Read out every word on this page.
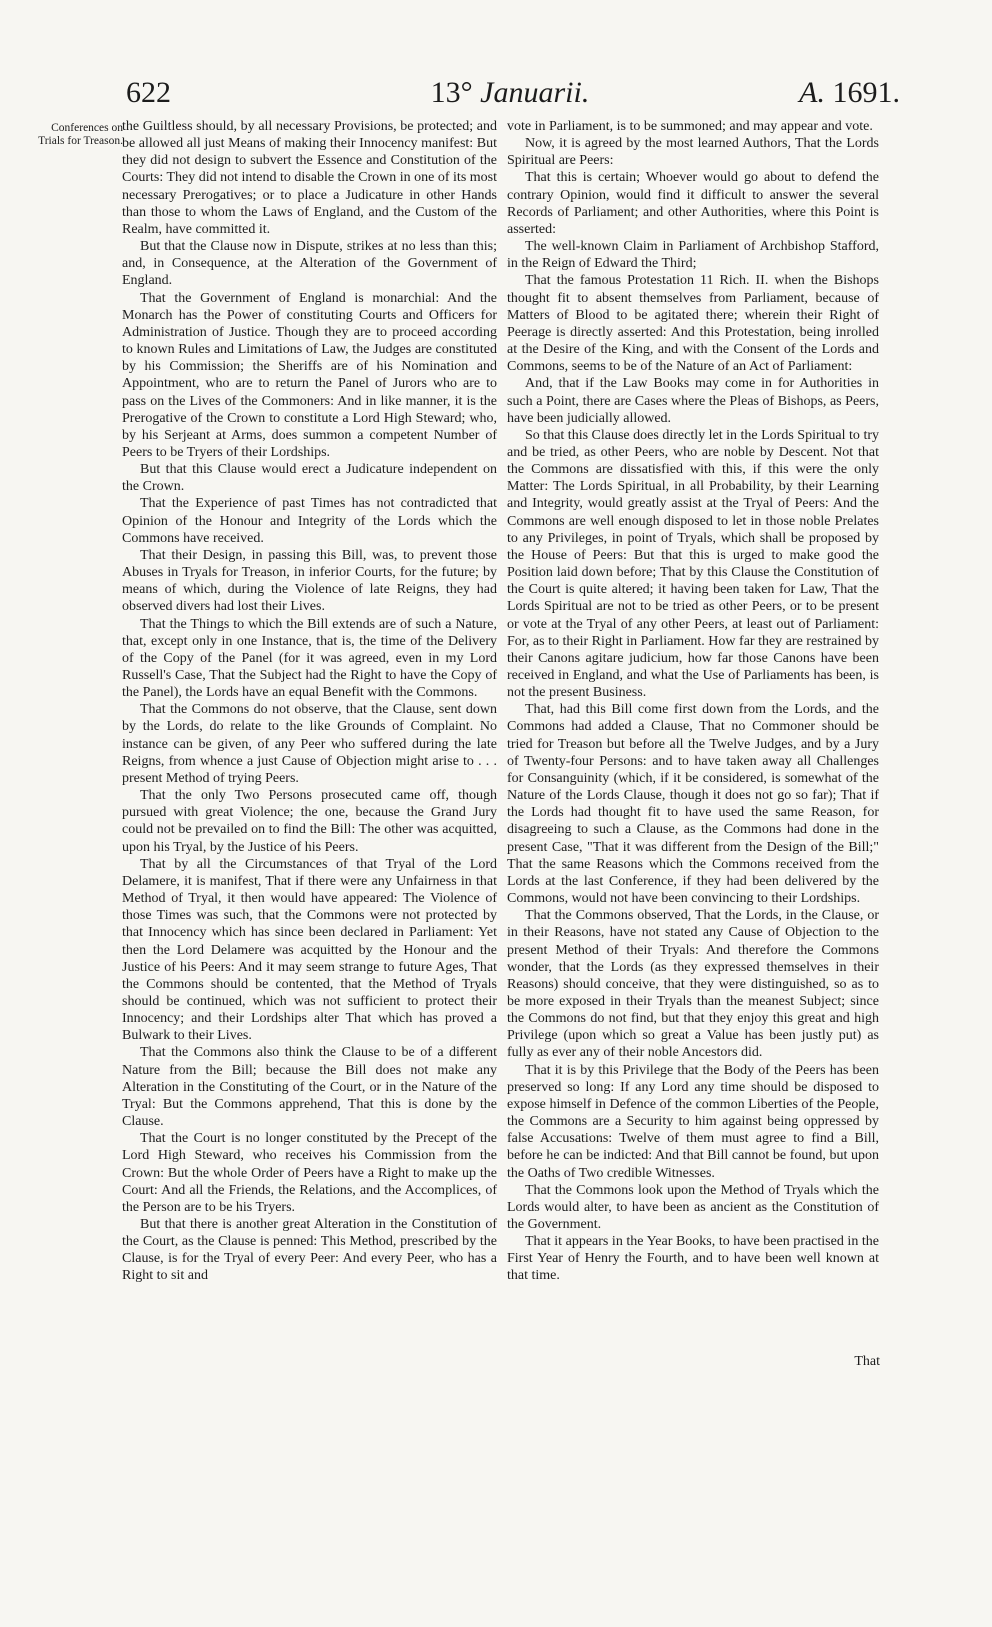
622	13° Januarii.	A. 1691.
Conferences on Trials for Treason.

the Guiltless should, by all necessary Provisions, be protected; and be allowed all just Means of making their Innocency manifest: But they did not design to subvert the Essence and Constitution of the Courts: They did not intend to disable the Crown in one of its most necessary Prerogatives; or to place a Judicature in other Hands than those to whom the Laws of England, and the Custom of the Realm, have committed it.

But that the Clause now in Dispute, strikes at no less than this; and, in Consequence, at the Alteration of the Government of England.

That the Government of England is monarchial: And the Monarch has the Power of constituting Courts and Officers for Administration of Justice. Though they are to proceed according to known Rules and Limitations of Law, the Judges are constituted by his Commission; the Sheriffs are of his Nomination and Appointment, who are to return the Panel of Jurors who are to pass on the Lives of the Commoners: And in like manner, it is the Prerogative of the Crown to constitute a Lord High Steward; who, by his Serjeant at Arms, does summon a competent Number of Peers to be Tryers of their Lordships.

But that this Clause would erect a Judicature independent on the Crown.

That the Experience of past Times has not contradicted that Opinion of the Honour and Integrity of the Lords which the Commons have received.

That their Design, in passing this Bill, was, to prevent those Abuses in Tryals for Treason, in inferior Courts, for the future; by means of which, during the Violence of late Reigns, they had observed divers had lost their Lives.

That the Things to which the Bill extends are of such a Nature, that, except only in one Instance, that is, the time of the Delivery of the Copy of the Panel (for it was agreed, even in my Lord Russell's Case, That the Subject had the Right to have the Copy of the Panel), the Lords have an equal Benefit with the Commons.

That the Commons do not observe, that the Clause, sent down by the Lords, do relate to the like Grounds of Complaint. No instance can be given, of any Peer who suffered during the late Reigns, from whence a just Cause of Objection might arise to . . . present Method of trying Peers.

That the only Two Persons prosecuted came off, though pursued with great Violence; the one, because the Grand Jury could not be prevailed on to find the Bill: The other was acquitted, upon his Tryal, by the Justice of his Peers.

That by all the Circumstances of that Tryal of the Lord Delamere, it is manifest, That if there were any Unfairness in that Method of Tryal, it then would have appeared: The Violence of those Times was such, that the Commons were not protected by that Innocency which has since been declared in Parliament: Yet then the Lord Delamere was acquitted by the Honour and the Justice of his Peers: And it may seem strange to future Ages, That the Commons should be contented, that the Method of Tryals should be continued, which was not sufficient to protect their Innocency; and their Lordships alter That which has proved a Bulwark to their Lives.

That the Commons also think the Clause to be of a different Nature from the Bill; because the Bill does not make any Alteration in the Constituting of the Court, or in the Nature of the Tryal: But the Commons apprehend, That this is done by the Clause.

That the Court is no longer constituted by the Precept of the Lord High Steward, who receives his Commission from the Crown: But the whole Order of Peers have a Right to make up the Court: And all the Friends, the Relations, and the Accomplices, of the Person are to be his Tryers.

But that there is another great Alteration in the Constitution of the Court, as the Clause is penned: This Method, prescribed by the Clause, is for the Tryal of every Peer: And every Peer, who has a Right to sit and

vote in Parliament, is to be summoned; and may appear and vote.

Now, it is agreed by the most learned Authors, That the Lords Spiritual are Peers:

That this is certain; Whoever would go about to defend the contrary Opinion, would find it difficult to answer the several Records of Parliament; and other Authorities, where this Point is asserted:

The well-known Claim in Parliament of Archbishop Stafford, in the Reign of Edward the Third;

That the famous Protestation 11 Rich. II. when the Bishops thought fit to absent themselves from Parliament, because of Matters of Blood to be agitated there; wherein their Right of Peerage is directly asserted: And this Protestation, being inrolled at the Desire of the King, and with the Consent of the Lords and Commons, seems to be of the Nature of an Act of Parliament:

And, that if the Law Books may come in for Authorities in such a Point, there are Cases where the Pleas of Bishops, as Peers, have been judicially allowed.

So that this Clause does directly let in the Lords Spiritual to try and be tried, as other Peers, who are noble by Descent. Not that the Commons are dissatisfied with this, if this were the only Matter: The Lords Spiritual, in all Probability, by their Learning and Integrity, would greatly assist at the Tryal of Peers: And the Commons are well enough disposed to let in those noble Prelates to any Privileges, in point of Tryals, which shall be proposed by the House of Peers: But that this is urged to make good the Position laid down before; That by this Clause the Constitution of the Court is quite altered; it having been taken for Law, That the Lords Spiritual are not to be tried as other Peers, or to be present or vote at the Tryal of any other Peers, at least out of Parliament: For, as to their Right in Parliament. How far they are restrained by their Canons agitare judicium, how far those Canons have been received in England, and what the Use of Parliaments has been, is not the present Business.

That, had this Bill come first down from the Lords, and the Commons had added a Clause, That no Commoner should be tried for Treason but before all the Twelve Judges, and by a Jury of Twenty-four Persons: and to have taken away all Challenges for Consanguinity (which, if it be considered, is somewhat of the Nature of the Lords Clause, though it does not go so far); That if the Lords had thought fit to have used the same Reason, for disagreeing to such a Clause, as the Commons had done in the present Case, "That it was different from the Design of the Bill;" That the same Reasons which the Commons received from the Lords at the last Conference, if they had been delivered by the Commons, would not have been convincing to their Lordships.

That the Commons observed, That the Lords, in the Clause, or in their Reasons, have not stated any Cause of Objection to the present Method of their Tryals: And therefore the Commons wonder, that the Lords (as they expressed themselves in their Reasons) should conceive, that they were distinguished, so as to be more exposed in their Tryals than the meanest Subject; since the Commons do not find, but that they enjoy this great and high Privilege (upon which so great a Value has been justly put) as fully as ever any of their noble Ancestors did.

That it is by this Privilege that the Body of the Peers has been preserved so long: If any Lord any time should be disposed to expose himself in Defence of the common Liberties of the People, the Commons are a Security to him against being oppressed by false Accusations: Twelve of them must agree to find a Bill, before he can be indicted: And that Bill cannot be found, but upon the Oaths of Two credible Witnesses.

That the Commons look upon the Method of Tryals which the Lords would alter, to have been as ancient as the Constitution of the Government.

That it appears in the Year Books, to have been practised in the First Year of Henry the Fourth, and to have been well known at that time.

That
